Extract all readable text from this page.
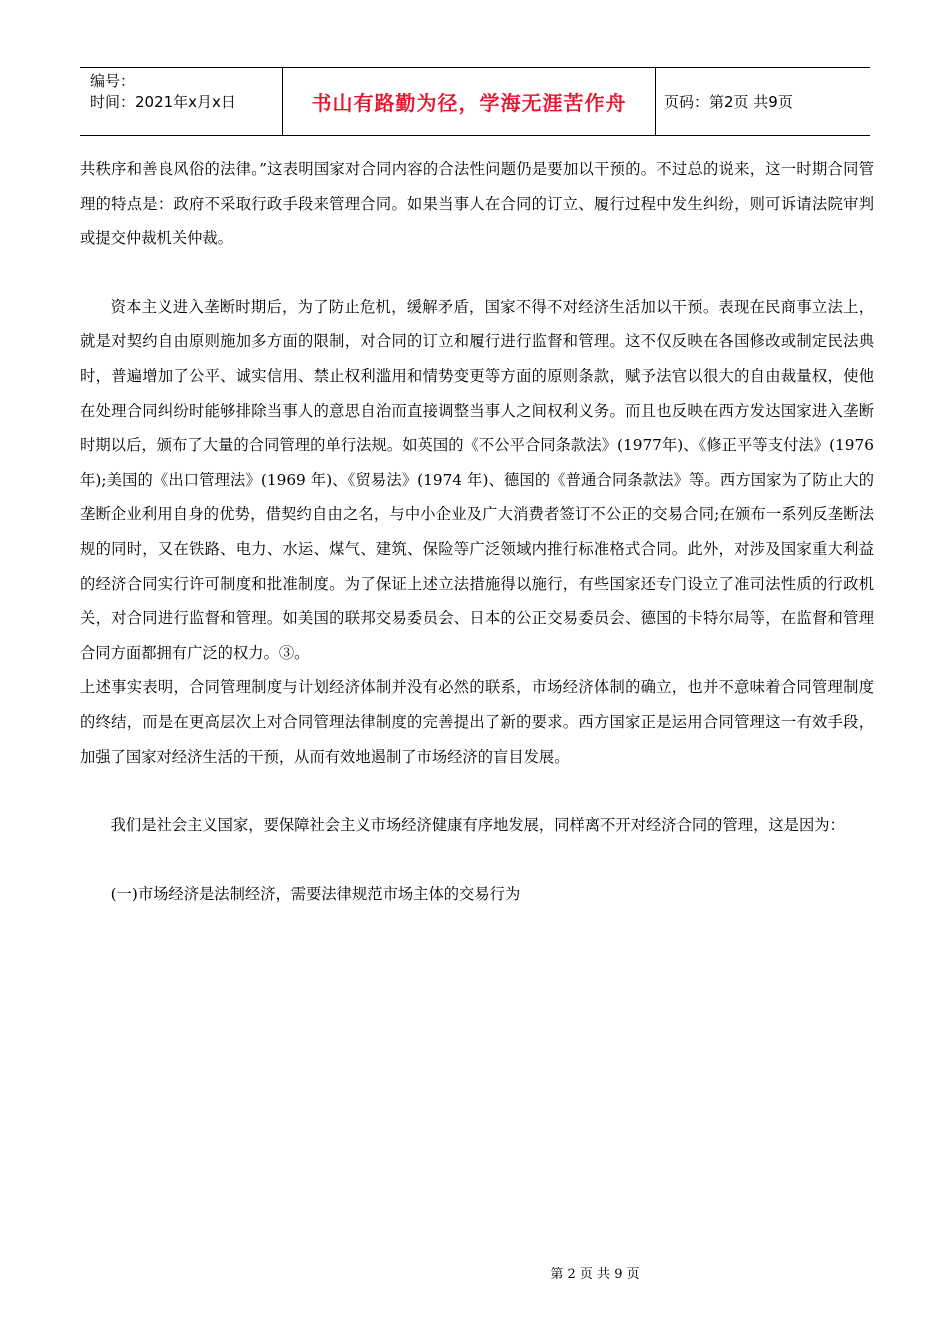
编号：
时间：2021年x月x日	书山有路勤为径，学海无涯苦作舟	页码：第2页 共9页

共秩序和善良风俗的法律。”这表明国家对合同内容的合法性问题仍是要加以干预的。不过总的说来，这一时期合同管理的特点是：政府不采取行政手段来管理合同。如果当事人在合同的订立、履行过程中发生纠纷，则可诉请法院审判或提交仲裁机关仲裁。

资本主义进入垄断时期后，为了防止危机，缓解矛盾，国家不得不对经济生活加以干预。表现在民商事立法上，就是对契约自由原则施加多方面的限制，对合同的订立和履行进行监督和管理。这不仅反映在各国修改或制定民法典时，普遍增加了公平、诚实信用、禁止权利滥用和情势变更等方面的原则条款，赋予法官以很大的自由裁量权，使他在处理合同纠纷时能够排除当事人的意思自治而直接调整当事人之间权利义务。而且也反映在西方发达国家进入垄断时期以后，颁布了大量的合同管理的单行法规。如英国的《不公平合同条款法》(1977年)、《修正平等支付法》(1976 年);美国的《出口管理法》(1969 年)、《贸易法》(1974 年)、德国的《普通合同条款法》等。西方国家为了防止大的垄断企业利用自身的优势，借契约自由之名，与中小企业及广大消费者签订不公正的交易合同;在颁布一系列反垄断法规的同时，又在铁路、电力、水运、煤气、建筑、保险等广泛领域内推行标准格式合同。此外，对涉及国家重大利益的经济合同实行许可制度和批准制度。为了保证上述立法措施得以施行，有些国家还专门设立了准司法性质的行政机关，对合同进行监督和管理。如美国的联邦交易委员会、日本的公正交易委员会、德国的卡特尔局等，在监督和管理合同方面都拥有广泛的权力。③。

上述事实表明，合同管理制度与计划经济体制并没有必然的联系，市场经济体制的确立，也并不意味着合同管理制度的终结，而是在更高层次上对合同管理法律制度的完善提出了新的要求。西方国家正是运用合同管理这一有效手段，加强了国家对经济生活的干预，从而有效地遏制了市场经济的盲目发展。

我们是社会主义国家，要保障社会主义市场经济健康有序地发展，同样离不开对经济合同的管理，这是因为：

(一)市场经济是法制经济，需要法律规范市场主体的交易行为

第 2 页 共 9 页
